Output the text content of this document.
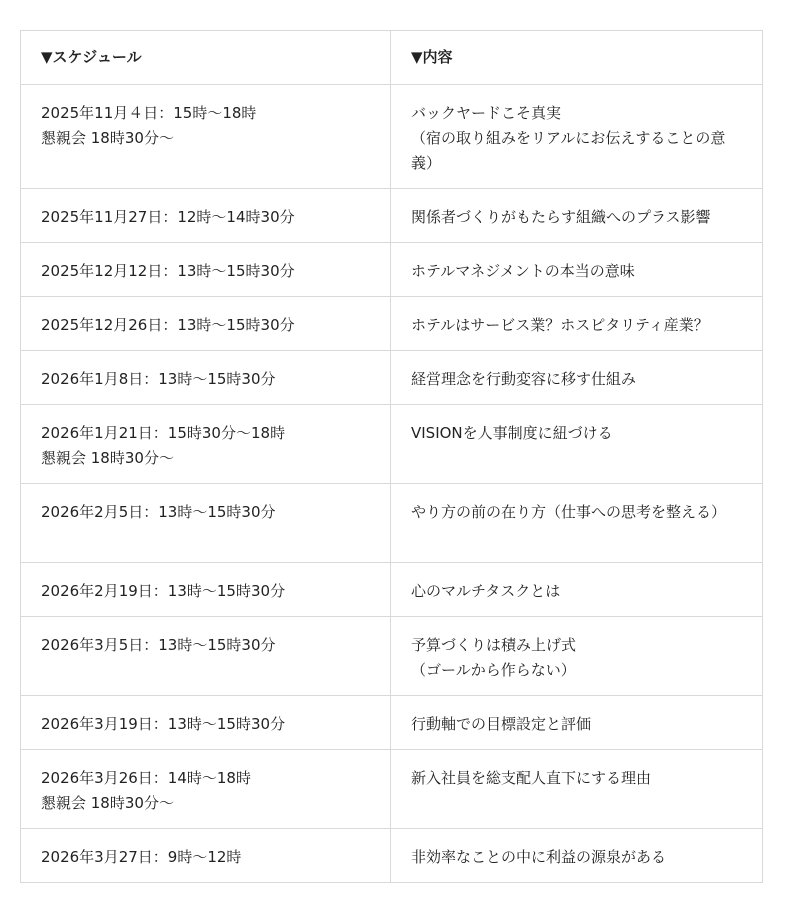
▼スケジュール	▼内容

2025年11月４日：15時〜18時
懇親会 18時30分〜	バックヤードこそ真実
（宿の取り組みをリアルにお伝えすることの意義）

2025年11月27日：12時〜14時30分	関係者づくりがもたらす組織へのプラス影響

2025年12月12日：13時〜15時30分	ホテルマネジメントの本当の意味

2025年12月26日：13時〜15時30分	ホテルはサービス業？ホスピタリティ産業？

2026年1月8日：13時〜15時30分	経営理念を行動変容に移す仕組み

2026年1月21日：15時30分〜18時
懇親会 18時30分〜	VISIONを人事制度に紐づける

2026年2月5日：13時〜15時30分	やり方の前の在り方（仕事への思考を整える）

2026年2月19日：13時〜15時30分	心のマルチタスクとは

2026年3月5日：13時〜15時30分	予算づくりは積み上げ式
（ゴールから作らない）

2026年3月19日：13時〜15時30分	行動軸での目標設定と評価

2026年3月26日：14時〜18時
懇親会 18時30分〜	新入社員を総支配人直下にする理由

2026年3月27日：9時〜12時	非効率なことの中に利益の源泉がある
